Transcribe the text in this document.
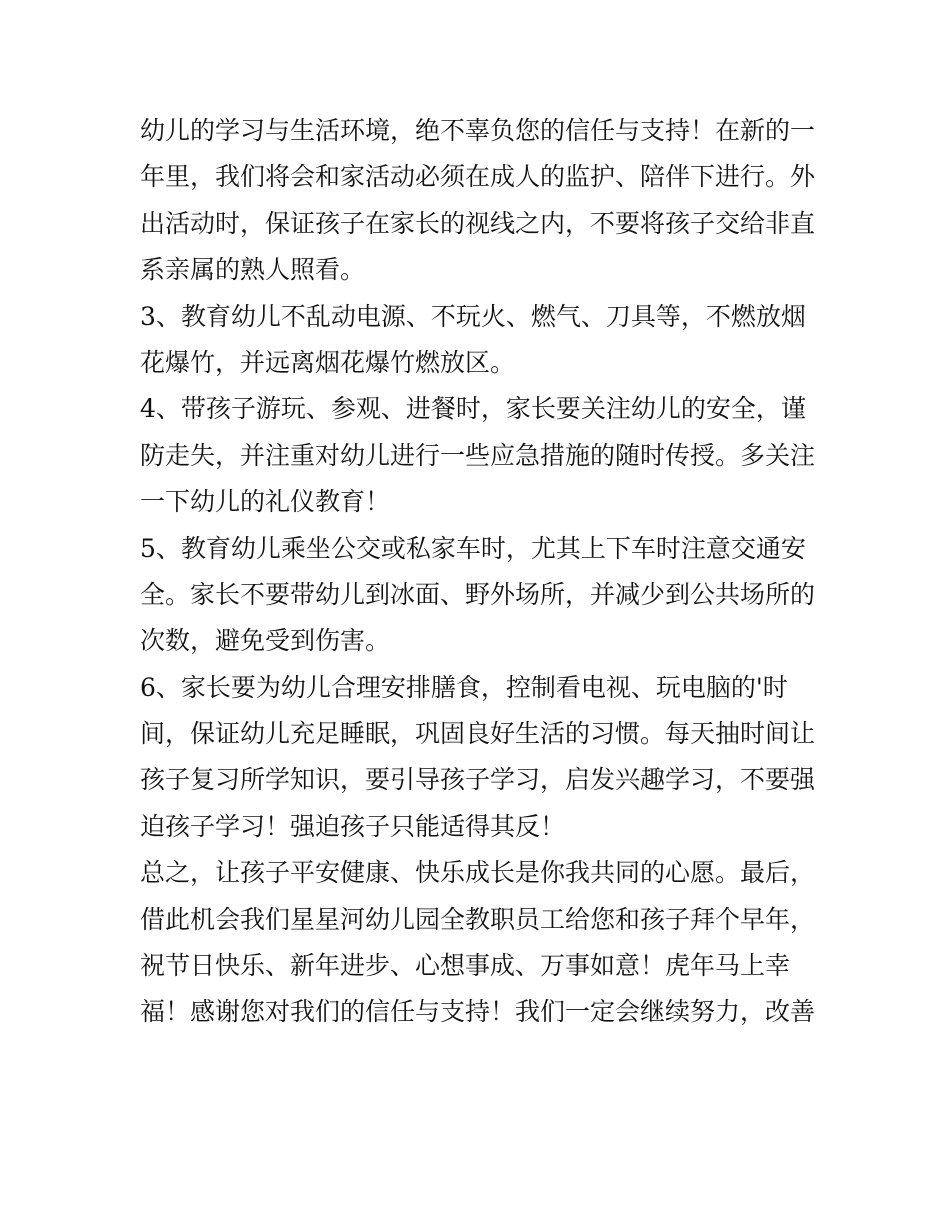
幼儿的学习与生活环境，绝不辜负您的信任与支持！在新的一
年里，我们将会和家活动必须在成人的监护、陪伴下进行。外
出活动时，保证孩子在家长的视线之内，不要将孩子交给非直
系亲属的熟人照看。
3、教育幼儿不乱动电源、不玩火、燃气、刀具等，不燃放烟
花爆竹，并远离烟花爆竹燃放区。
4、带孩子游玩、参观、进餐时，家长要关注幼儿的安全，谨
防走失，并注重对幼儿进行一些应急措施的随时传授。多关注
一下幼儿的礼仪教育！
5、教育幼儿乘坐公交或私家车时，尤其上下车时注意交通安
全。家长不要带幼儿到冰面、野外场所，并减少到公共场所的
次数，避免受到伤害。
6、家长要为幼儿合理安排膳食，控制看电视、玩电脑的'时
间，保证幼儿充足睡眠，巩固良好生活的习惯。每天抽时间让
孩子复习所学知识，要引导孩子学习，启发兴趣学习，不要强
迫孩子学习！强迫孩子只能适得其反！
总之，让孩子平安健康、快乐成长是你我共同的心愿。最后，
借此机会我们星星河幼儿园全教职员工给您和孩子拜个早年，
祝节日快乐、新年进步、心想事成、万事如意！虎年马上幸
福！感谢您对我们的信任与支持！我们一定会继续努力，改善
